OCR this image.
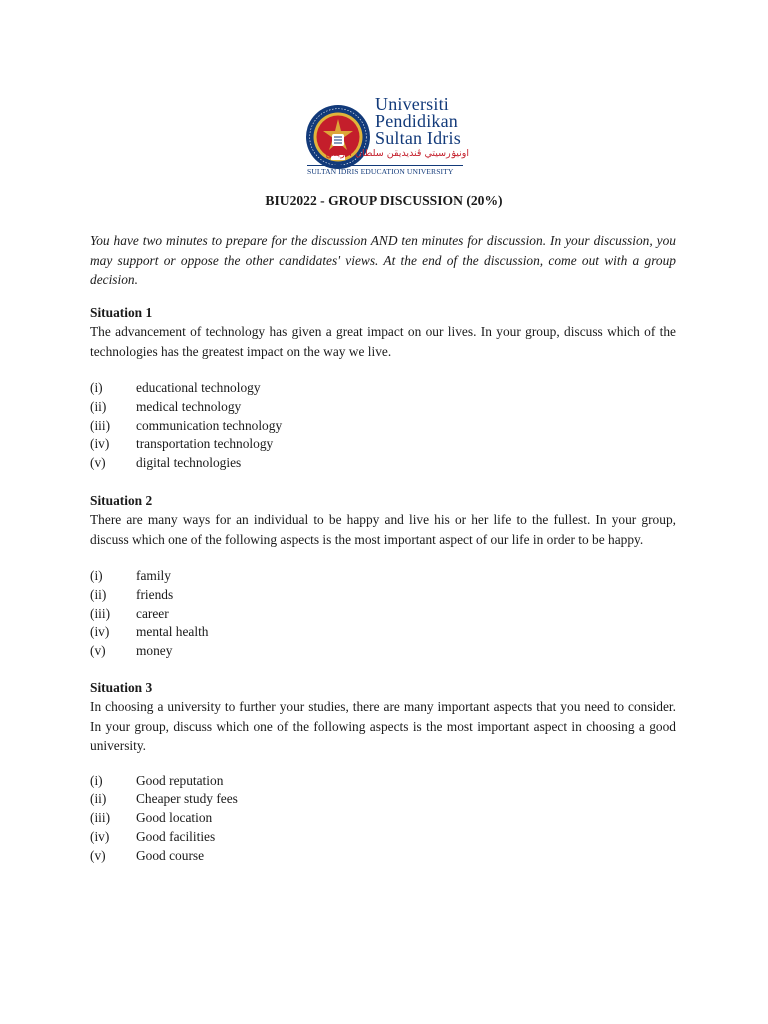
Universiti
Pendidikan
Sultan Idris
اونيۏرسيتي ڤنديديقن سلطان ادريس
SULTAN IDRIS EDUCATION UNIVERSITY
BIU2022 - GROUP DISCUSSION (20%)

You have two minutes to prepare for the discussion AND ten minutes for discussion. In your discussion, you may support or oppose the other candidates' views. At the end of the discussion, come out with a group decision.

Situation 1

The advancement of technology has given a great impact on our lives. In your group, discuss which of the technologies has the greatest impact on the way we live.

(i) educational technology
(ii) medical technology
(iii) communication technology
(iv) transportation technology
(v) digital technologies

Situation 2

There are many ways for an individual to be happy and live his or her life to the fullest. In your group, discuss which one of the following aspects is the most important aspect of our life in order to be happy.

(i) family
(ii) friends
(iii) career
(iv) mental health
(v) money

Situation 3

In choosing a university to further your studies, there are many important aspects that you need to consider. In your group, discuss which one of the following aspects is the most important aspect in choosing a good university.

(i) Good reputation
(ii) Cheaper study fees
(iii) Good location
(iv) Good facilities
(v) Good course
